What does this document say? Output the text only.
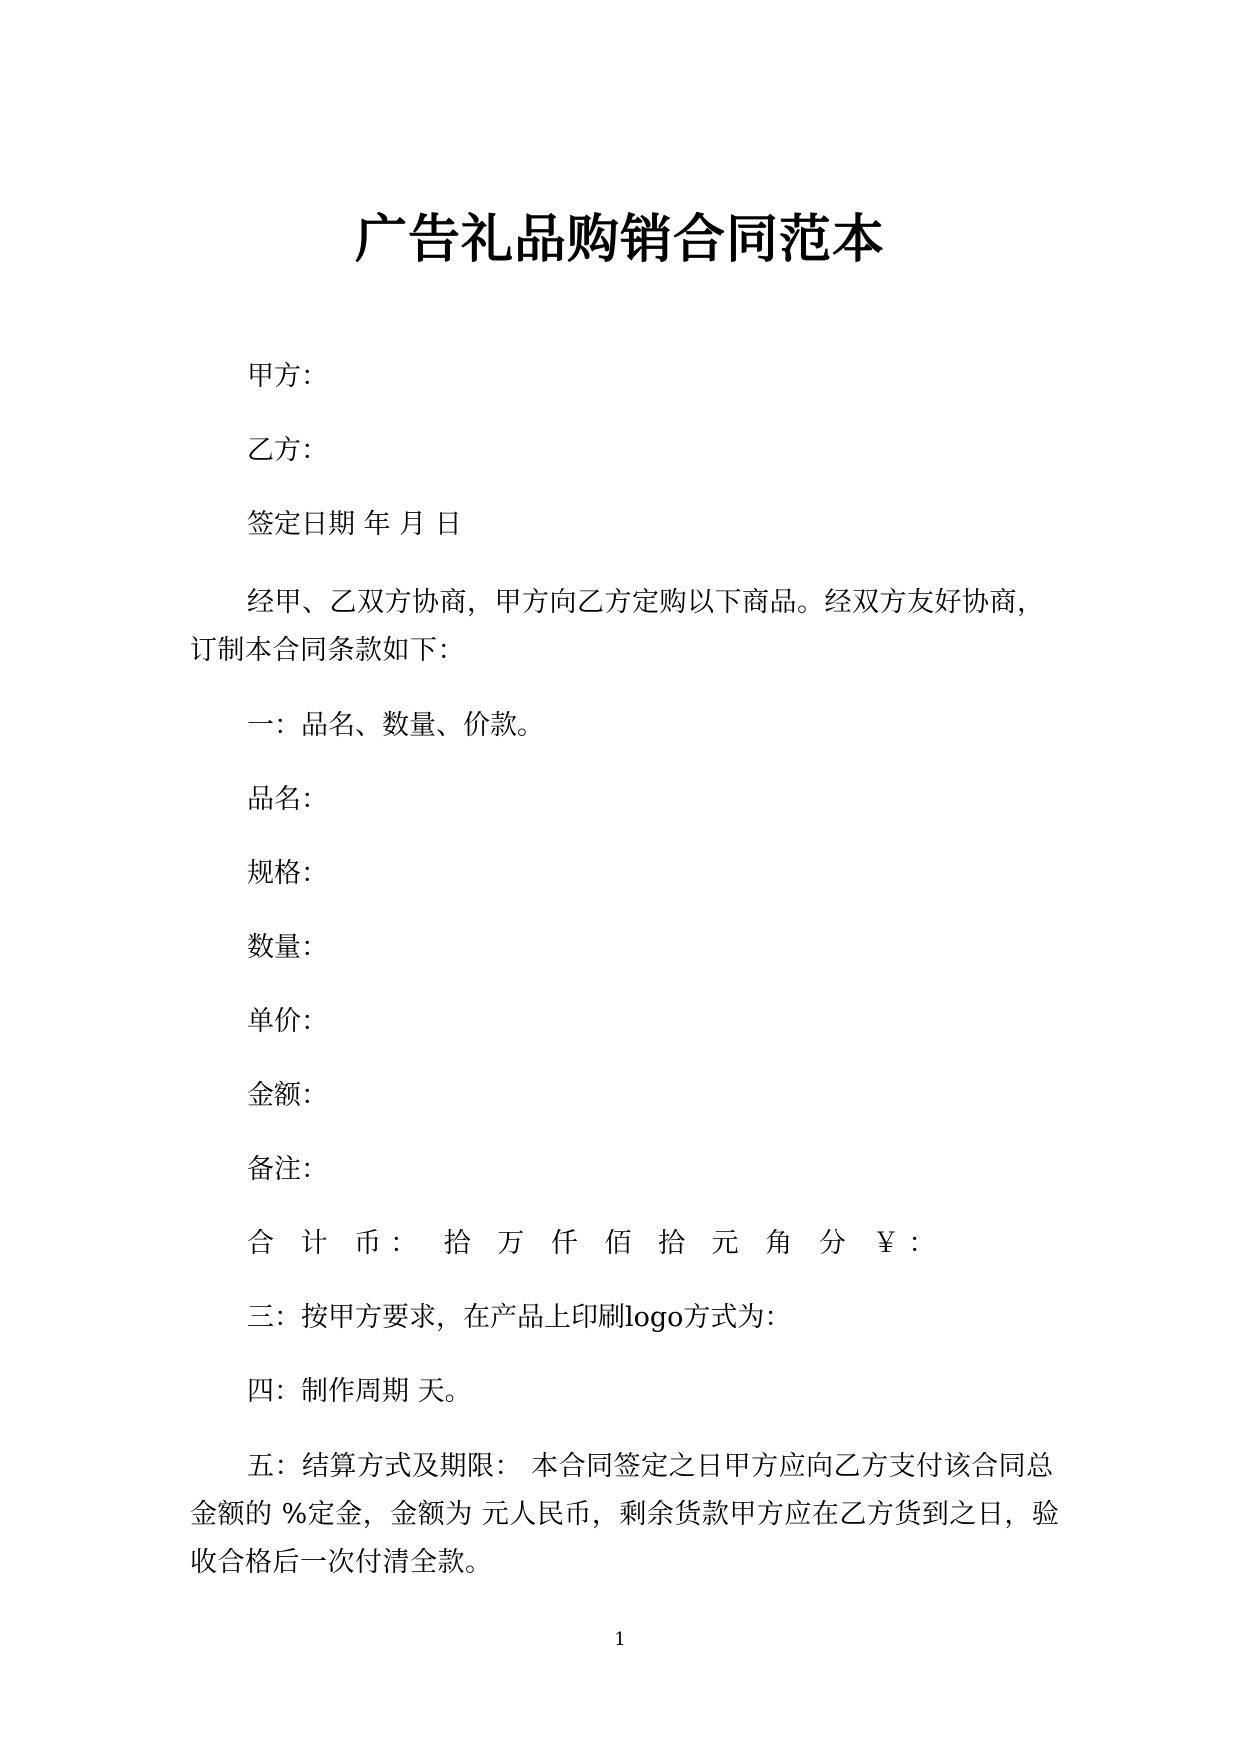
广告礼品购销合同范本
甲方：
乙方：
签定日期 年 月 日
经甲、乙双方协商，甲方向乙方定购以下商品。经双方友好协商，订制本合同条款如下：
一：品名、数量、价款。
品名：
规格：
数量：
单价：
金额：
备注：
合 计 币： 拾 万 仟 佰 拾 元 角 分 ￥：
三：按甲方要求，在产品上印刷logo方式为：
四：制作周期 天。
五：结算方式及期限： 本合同签定之日甲方应向乙方支付该合同总金额的 %定金，金额为 元人民币，剩余货款甲方应在乙方货到之日，验收合格后一次付清全款。
1
